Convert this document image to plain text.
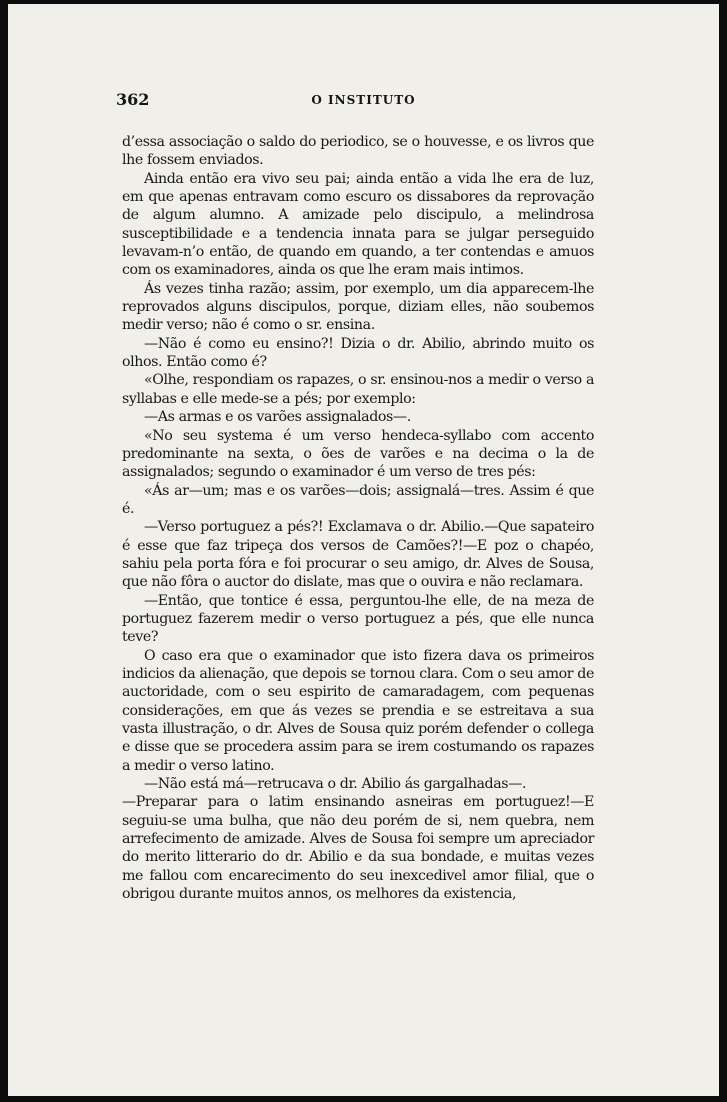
362	O INSTITUTO

d’essa associação o saldo do periodico, se o houvesse, e os livros que lhe fossem enviados.

Ainda então era vivo seu pai; ainda então a vida lhe era de luz, em que apenas entravam como escuro os dissabores da reprovação de algum alumno. A amizade pelo discipulo, a melindrosa susceptibilidade e a tendencia innata para se julgar perseguido levavam-n’o então, de quando em quando, a ter contendas e amuos com os examinadores, ainda os que lhe eram mais intimos.

Ás vezes tinha razão; assim, por exemplo, um dia apparecem-lhe reprovados alguns discipulos, porque, diziam elles, não soubemos medir verso; não é como o sr. ensina.

—Não é como eu ensino?! Dizia o dr. Abilio, abrindo muito os olhos. Então como é?

«Olhe, respondiam os rapazes, o sr. ensinou-nos a medir o verso a syllabas e elle mede-se a pés; por exemplo:

—As armas e os varões assignalados—.

«No seu systema é um verso hendeca-syllabo com accento predominante na sexta, o ões de varões e na decima o la de assignalados; segundo o examinador é um verso de tres pés:

«Ás ar—um; mas e os varões—dois; assignalá—tres. Assim é que é.

—Verso portuguez a pés?! Exclamava o dr. Abilio.—Que sapateiro é esse que faz tripeça dos versos de Camões?!—E poz o chapéo, sahiu pela porta fóra e foi procurar o seu amigo, dr. Alves de Sousa, que não fôra o auctor do dislate, mas que o ouvira e não reclamara.

—Então, que tontice é essa, perguntou-lhe elle, de na meza de portuguez fazerem medir o verso portuguez a pés, que elle nunca teve?

O caso era que o examinador que isto fizera dava os primeiros indicios da alienação, que depois se tornou clara. Com o seu amor de auctoridade, com o seu espirito de camaradagem, com pequenas considerações, em que ás vezes se prendia e se estreitava a sua vasta illustração, o dr. Alves de Sousa quiz porém defender o collega e disse que se procedera assim para se irem costumando os rapazes a medir o verso latino.

—Não está má—retrucava o dr. Abilio ás gargalhadas—.

—Preparar para o latim ensinando asneiras em portuguez!—E seguiu-se uma bulha, que não deu porém de si, nem quebra, nem arrefecimento de amizade. Alves de Sousa foi sempre um apreciador do merito litterario do dr. Abilio e da sua bondade, e muitas vezes me fallou com encarecimento do seu inexcedivel amor filial, que o obrigou durante muitos annos, os melhores da existencia,
